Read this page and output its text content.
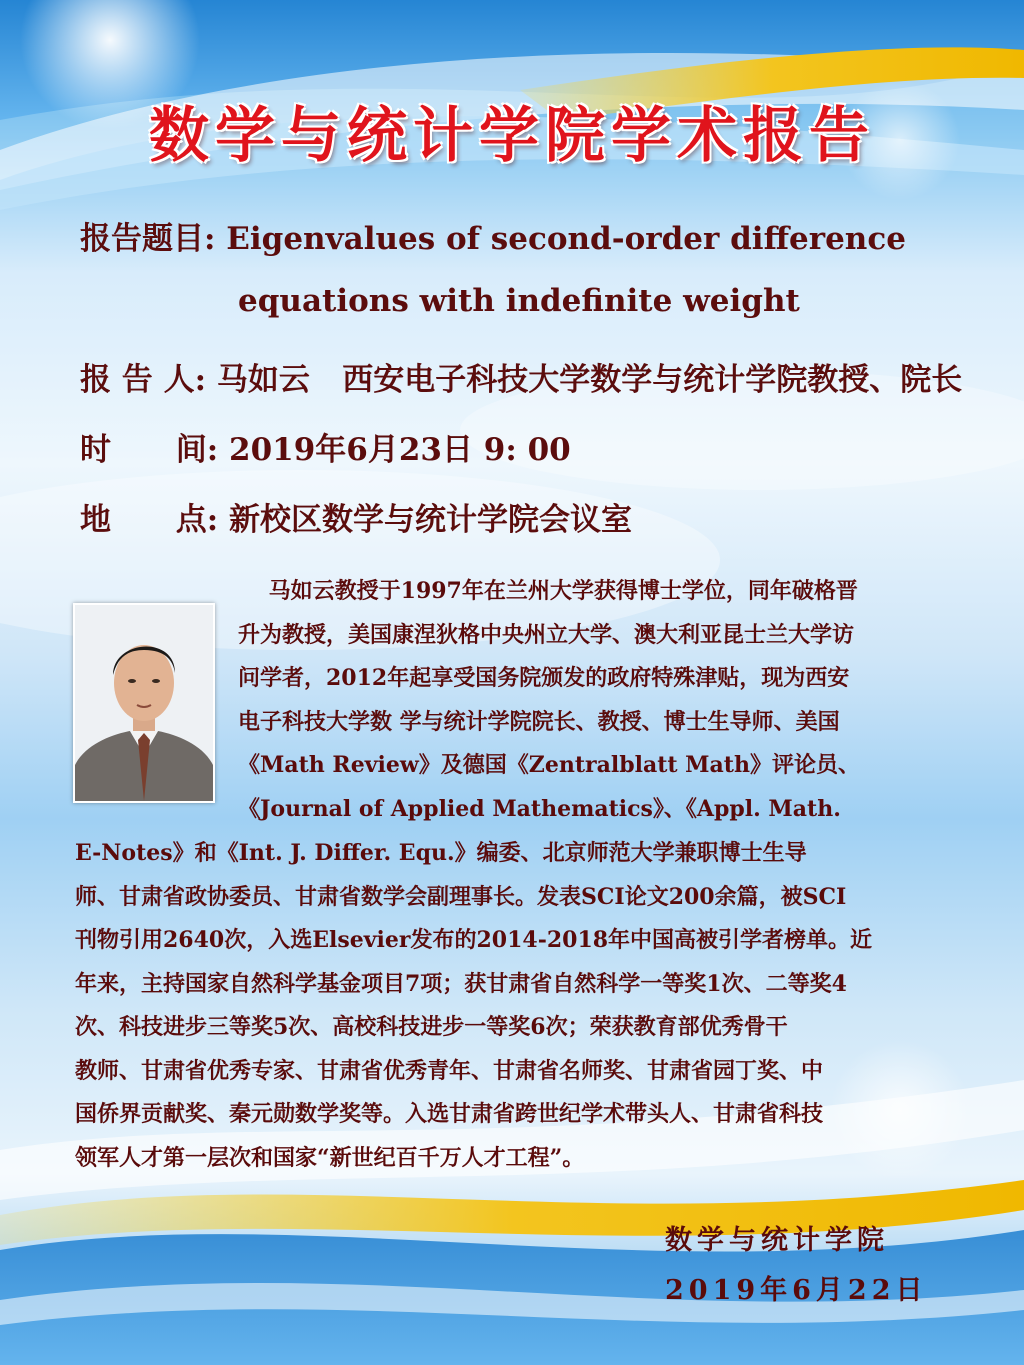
数学与统计学院学术报告
报告题目: Eigenvalues of second-order difference
equations with indefinite weight
报 告 人: 马如云   西安电子科技大学数学与统计学院教授、院长
时      间: 2019年6月23日 9: 00
地      点: 新校区数学与统计学院会议室
马如云教授于1997年在兰州大学获得博士学位，同年破格晋
升为教授，美国康涅狄格中央州立大学、澳大利亚昆士兰大学访
问学者，2012年起享受国务院颁发的政府特殊津贴，现为西安
电子科技大学数 学与统计学院院长、教授、博士生导师、美国
《Math Review》及德国《Zentralblatt Math》评论员、
《Journal of Applied Mathematics》、《Appl. Math.
E-Notes》和《Int. J. Differ. Equ.》编委、北京师范大学兼职博士生导
师、甘肃省政协委员、甘肃省数学会副理事长。发表SCI论文200余篇，被SCI
刊物引用2640次，入选Elsevier发布的2014-2018年中国高被引学者榜单。近
年来，主持国家自然科学基金项目7项；获甘肃省自然科学一等奖1次、二等奖4
次、科技进步三等奖5次、高校科技进步一等奖6次；荣获教育部优秀骨干
教师、甘肃省优秀专家、甘肃省优秀青年、甘肃省名师奖、甘肃省园丁奖、中
国侨界贡献奖、秦元勋数学奖等。入选甘肃省跨世纪学术带头人、甘肃省科技
领军人才第一层次和国家“新世纪百千万人才工程”。
数学与统计学院
2019年6月22日
